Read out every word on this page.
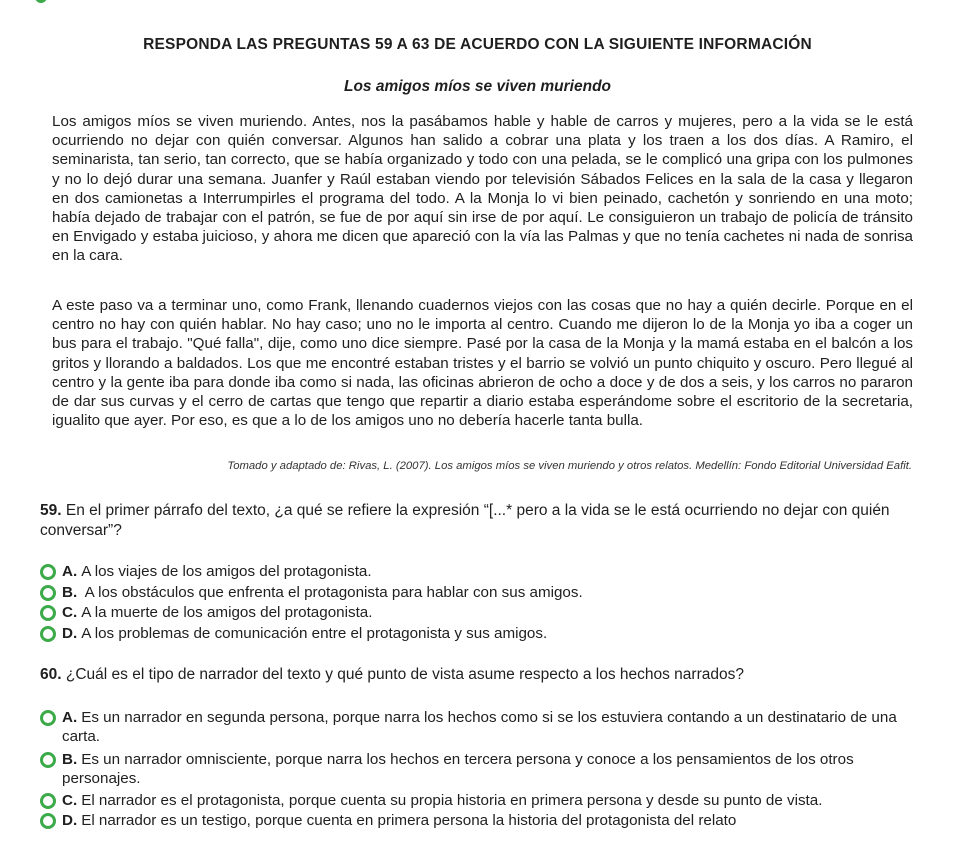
RESPONDA LAS PREGUNTAS 59 A 63 DE ACUERDO CON LA SIGUIENTE INFORMACIÓN
Los amigos míos se viven muriendo
Los amigos míos se viven muriendo. Antes, nos la pasábamos hable y hable de carros y mujeres, pero a la vida se le está ocurriendo no dejar con quién conversar. Algunos han salido a cobrar una plata y los traen a los dos días. A Ramiro, el seminarista, tan serio, tan correcto, que se había organizado y todo con una pelada, se le complicó una gripa con los pulmones y no lo dejó durar una semana. Juanfer y Raúl estaban viendo por televisión Sábados Felices en la sala de la casa y llegaron en dos camionetas a Interrumpirles el programa del todo. A la Monja lo vi bien peinado, cachetón y sonriendo en una moto; había dejado de trabajar con el patrón, se fue de por aquí sin irse de por aquí. Le consiguieron un trabajo de policía de tránsito en Envigado y estaba juicioso, y ahora me dicen que apareció con la vía las Palmas y que no tenía cachetes ni nada de sonrisa en la cara.
A este paso va a terminar uno, como Frank, llenando cuadernos viejos con las cosas que no hay a quién decirle. Porque en el centro no hay con quién hablar. No hay caso; uno no le importa al centro. Cuando me dijeron lo de la Monja yo iba a coger un bus para el trabajo. "Qué falla", dije, como uno dice siempre. Pasé por la casa de la Monja y la mamá estaba en el balcón a los gritos y llorando a baldados. Los que me encontré estaban tristes y el barrio se volvió un punto chiquito y oscuro. Pero llegué al centro y la gente iba para donde iba como si nada, las oficinas abrieron de ocho a doce y de dos a seis, y los carros no pararon de dar sus curvas y el cerro de cartas que tengo que repartir a diario estaba esperándome sobre el escritorio de la secretaria, igualito que ayer. Por eso, es que a lo de los amigos uno no debería hacerle tanta bulla.
Tomado y adaptado de: Rivas, L. (2007). Los amigos míos se viven muriendo y otros relatos. Medellín: Fondo Editorial Universidad Eafit.
59. En el primer párrafo del texto, ¿a qué se refiere la expresión “[...* pero a la vida se le está ocurriendo no dejar con quién conversar”?
A. A los viajes de los amigos del protagonista.
B. A los obstáculos que enfrenta el protagonista para hablar con sus amigos.
C. A la muerte de los amigos del protagonista.
D. A los problemas de comunicación entre el protagonista y sus amigos.
60. ¿Cuál es el tipo de narrador del texto y qué punto de vista asume respecto a los hechos narrados?
A. Es un narrador en segunda persona, porque narra los hechos como si se los estuviera contando a un destinatario de una carta.
B. Es un narrador omnisciente, porque narra los hechos en tercera persona y conoce a los pensamientos de los otros personajes.
C. El narrador es el protagonista, porque cuenta su propia historia en primera persona y desde su punto de vista.
D. El narrador es un testigo, porque cuenta en primera persona la historia del protagonista del relato
